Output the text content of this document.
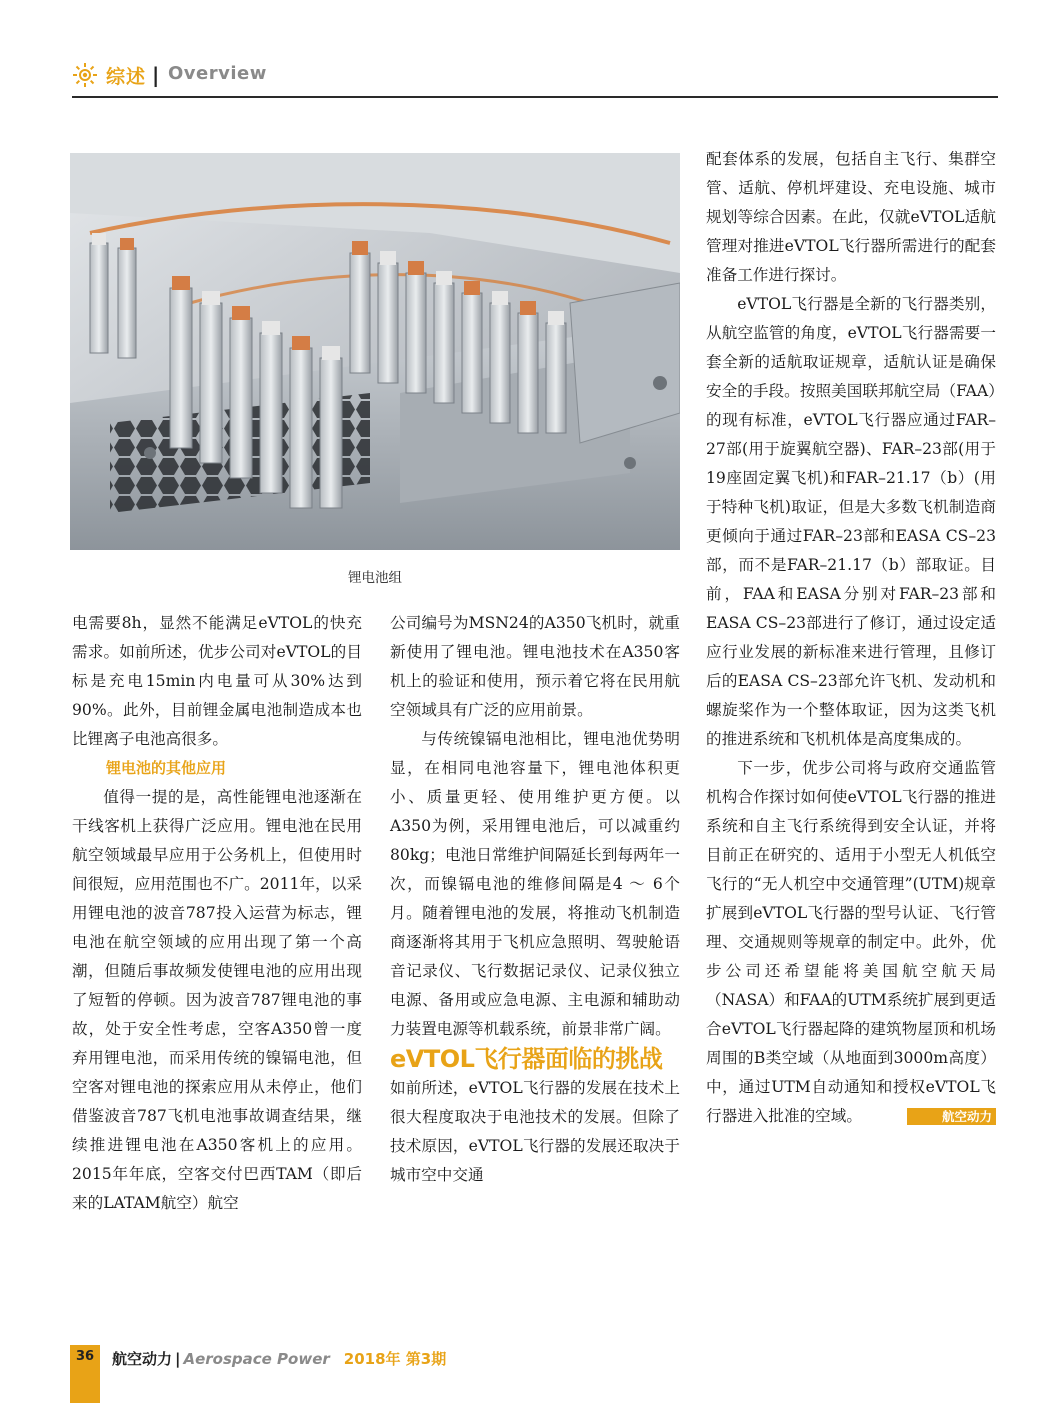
综述 | Overview
锂电池组

电需要8h，显然不能满足eVTOL的快充需求。如前所述，优步公司对eVTOL的目标是充电15min内电量可从30%达到90%。此外，目前锂金属电池制造成本也比锂离子电池高很多。

锂电池的其他应用

值得一提的是，高性能锂电池逐渐在干线客机上获得广泛应用。锂电池在民用航空领域最早应用于公务机上，但使用时间很短，应用范围也不广。2011年，以采用锂电池的波音787投入运营为标志，锂电池在航空领域的应用出现了第一个高潮，但随后事故频发使锂电池的应用出现了短暂的停顿。因为波音787锂电池的事故，处于安全性考虑，空客A350曾一度弃用锂电池，而采用传统的镍镉电池，但空客对锂电池的探索应用从未停止，他们借鉴波音787飞机电池事故调查结果，继续推进锂电池在A350客机上的应用。2015年年底，空客交付巴西TAM（即后来的LATAM航空）航空

公司编号为MSN24的A350飞机时，就重新使用了锂电池。锂电池技术在A350客机上的验证和使用，预示着它将在民用航空领域具有广泛的应用前景。

与传统镍镉电池相比，锂电池优势明显，在相同电池容量下，锂电池体积更小、质量更轻、使用维护更方便。以A350为例，采用锂电池后，可以减重约80kg；电池日常维护间隔延长到每两年一次，而镍镉电池的维修间隔是4 ～ 6个月。随着锂电池的发展，将推动飞机制造商逐渐将其用于飞机应急照明、驾驶舱语音记录仪、飞行数据记录仪、记录仪独立电源、备用或应急电源、主电源和辅助动力装置电源等机载系统，前景非常广阔。

eVTOL飞行器面临的挑战

如前所述，eVTOL飞行器的发展在技术上很大程度取决于电池技术的发展。但除了技术原因，eVTOL飞行器的发展还取决于城市空中交通

配套体系的发展，包括自主飞行、集群空管、适航、停机坪建设、充电设施、城市规划等综合因素。在此，仅就eVTOL适航管理对推进eVTOL飞行器所需进行的配套准备工作进行探讨。

eVTOL飞行器是全新的飞行器类别，从航空监管的角度，eVTOL飞行器需要一套全新的适航取证规章，适航认证是确保安全的手段。按照美国联邦航空局（FAA）的现有标准，eVTOL飞行器应通过FAR–27部(用于旋翼航空器)、FAR–23部(用于19座固定翼飞机)和FAR–21.17（b）(用于特种飞机)取证，但是大多数飞机制造商更倾向于通过FAR–23部和EASA CS–23部，而不是FAR–21.17（b）部取证。目前，FAA和EASA分别对FAR–23部和EASA CS–23部进行了修订，通过设定适应行业发展的新标准来进行管理，且修订后的EASA CS–23部允许飞机、发动机和螺旋桨作为一个整体取证，因为这类飞机的推进系统和飞机机体是高度集成的。

下一步，优步公司将与政府交通监管机构合作探讨如何使eVTOL飞行器的推进系统和自主飞行系统得到安全认证，并将目前正在研究的、适用于小型无人机低空飞行的“无人机空中交通管理”(UTM)规章扩展到eVTOL飞行器的型号认证、飞行管理、交通规则等规章的制定中。此外，优步公司还希望能将美国航空航天局（NASA）和FAA的UTM系统扩展到更适合eVTOL飞行器起降的建筑物屋顶和机场周围的B类空域（从地面到3000m高度）中，通过UTM自动通知和授权eVTOL飞行器进入批准的空域。	航空动力

36	航空动力 | Aerospace Power 2018年 第3期
